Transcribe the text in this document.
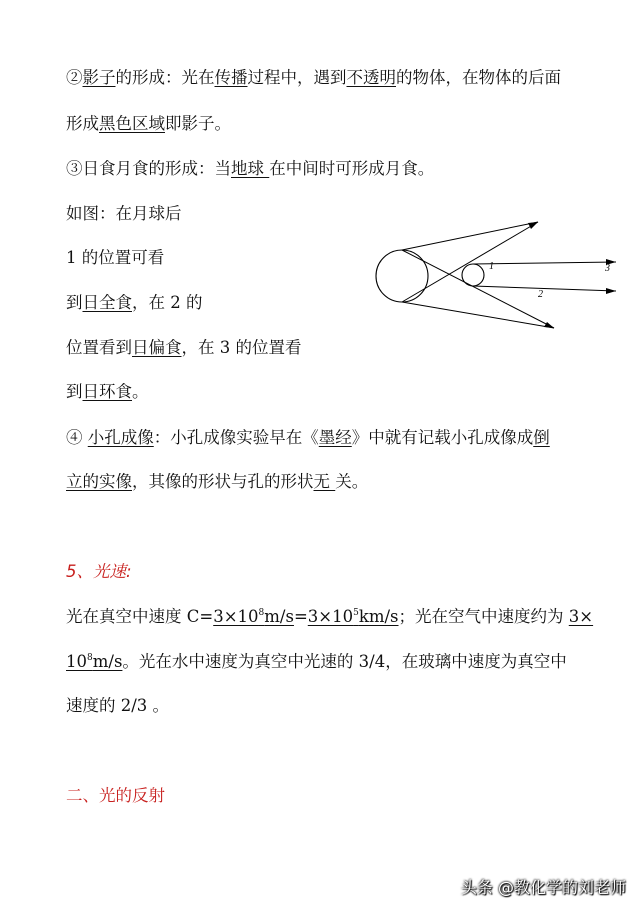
②影子的形成：光在传播过程中，遇到不透明的物体，在物体的后面
形成黑色区域即影子。
③日食月食的形成：当地球 在中间时可形成月食。
如图：在月球后
1 的位置可看
到日全食，在 2 的
位置看到日偏食，在 3 的位置看
到日环食。
④ 小孔成像：小孔成像实验早在《墨经》中就有记载小孔成像成倒
立的实像，其像的形状与孔的形状无 关。
5、光速:
光在真空中速度 $C=3\times 10^8m/s=3\times 10^5km/s$；光在空气中速度约为 3×
$10^8m/s$。光在水中速度为真空中光速的 3/4，在玻璃中速度为真空中
速度的 2/3 。
二、光的反射
1
2
3
头条 @教化学的刘老师
